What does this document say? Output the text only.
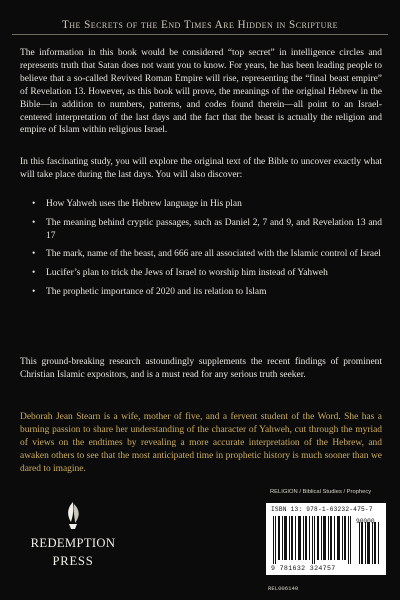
The Secrets of the End Times Are Hidden in Scripture
The information in this book would be considered “top secret” in intelligence circles and represents truth that Satan does not want you to know. For years, he has been leading people to believe that a so-called Revived Roman Empire will rise, representing the “final beast empire” of Revelation 13. However, as this book will prove, the meanings of the original Hebrew in the Bible—in addition to numbers, patterns, and codes found therein—all point to an Israel-centered interpretation of the last days and the fact that the beast is actually the religion and empire of Islam within religious Israel.
In this fascinating study, you will explore the original text of the Bible to uncover exactly what will take place during the last days. You will also discover:
• How Yahweh uses the Hebrew language in His plan
• The meaning behind cryptic passages, such as Daniel 2, 7 and 9, and Revelation 13 and 17
• The mark, name of the beast, and 666 are all associated with the Islamic control of Israel
• Lucifer’s plan to trick the Jews of Israel to worship him instead of Yahweh
• The prophetic importance of 2020 and its relation to Islam
This ground-breaking research astoundingly supplements the recent findings of prominent Christian Islamic expositors, and is a must read for any serious truth seeker.
Deborah Jean Stearn is a wife, mother of five, and a fervent student of the Word. She has a burning passion to share her understanding of the character of Yahweh, cut through the myriad of views on the endtimes by revealing a more accurate interpretation of the Hebrew, and awaken others to see that the most anticipated time in prophetic history is much sooner than we dared to imagine.
REDEMPTION
PRESS
RELIGION / Biblical Studies / Prophecy
ISBN 13: 978-1-63232-475-7
90000
9 781632 324757
REL006140
